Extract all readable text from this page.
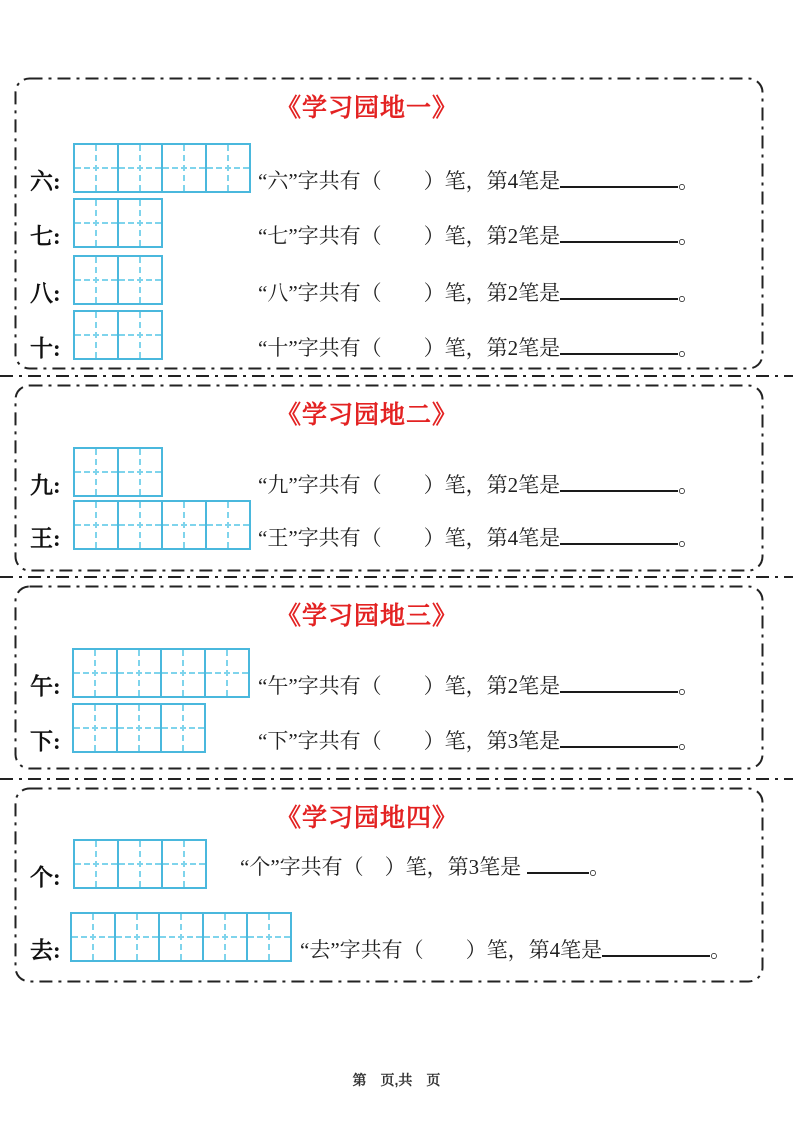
《学习园地一》
六:	“六”字共有（　　）笔，第4笔是	。
七:	“七”字共有（　　）笔，第2笔是	。
八:	“八”字共有（　　）笔，第2笔是	。
十:	“十”字共有（　　）笔，第2笔是	。
《学习园地二》
九:	“九”字共有（　　）笔，第2笔是	。
王:	“王”字共有（　　）笔，第4笔是	。
《学习园地三》
午:	“午”字共有（　　）笔，第2笔是	。
下:	“下”字共有（　　）笔，第3笔是	。
《学习园地四》
个:	“个”字共有（　）笔，第3笔是	。
去:	“去”字共有（　　）笔，第4笔是	。
第　页,共　页
